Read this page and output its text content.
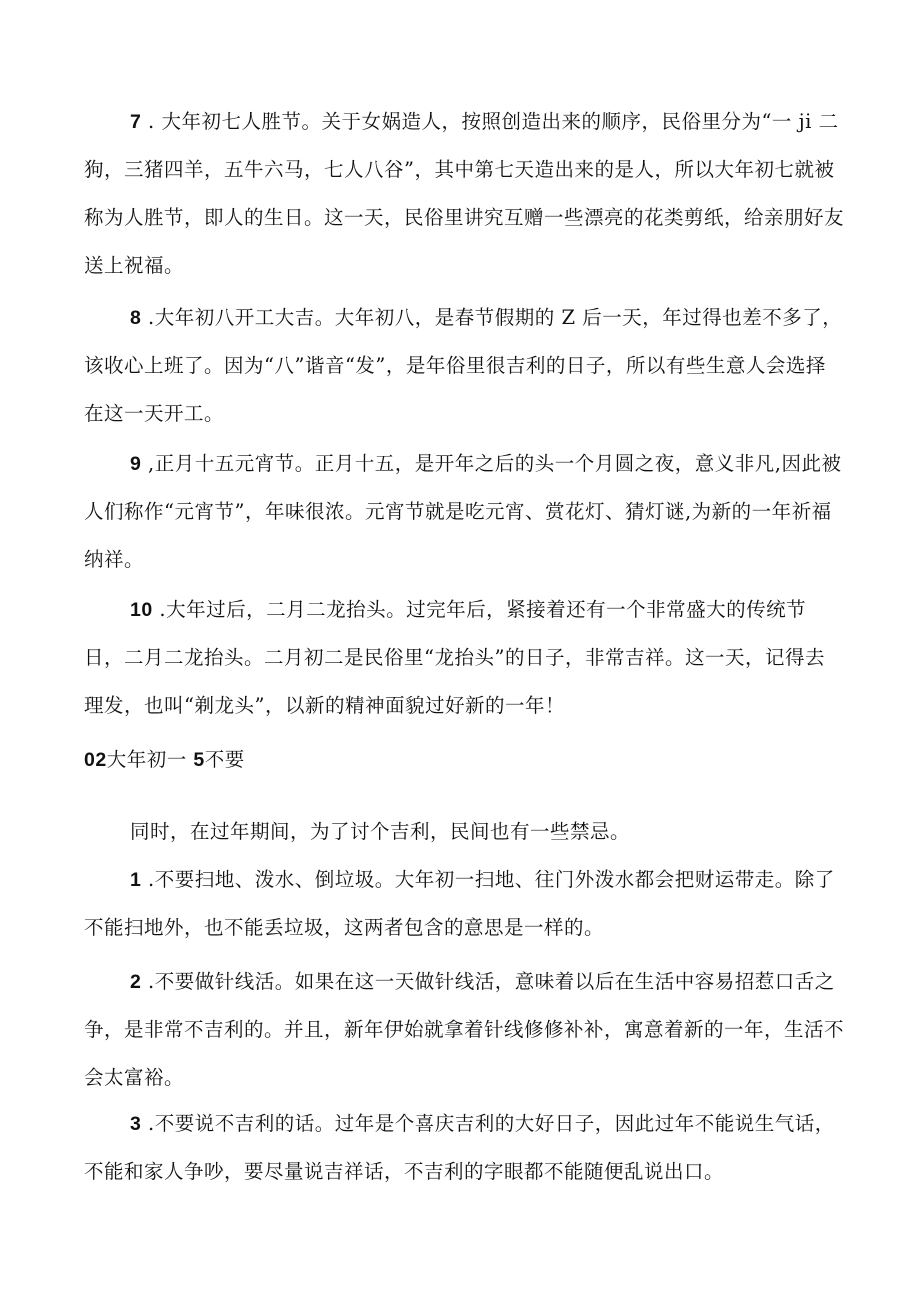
7 . 大年初七人胜节。关于女娲造人，按照创造出来的顺序，民俗里分为“一 ji 二狗，三猪四羊，五牛六马，七人八谷”，其中第七天造出来的是人，所以大年初七就被称为人胜节，即人的生日。这一天，民俗里讲究互赠一些漂亮的花类剪纸，给亲朋好友送上祝福。

8 .大年初八开工大吉。大年初八，是春节假期的 Z 后一天，年过得也差不多了，该收心上班了。因为“八”谐音“发”，是年俗里很吉利的日子，所以有些生意人会选择在这一天开工。

9 ,正月十五元宵节。正月十五，是开年之后的头一个月圆之夜，意义非凡,因此被人们称作“元宵节”，年味很浓。元宵节就是吃元宵、赏花灯、猜灯谜,为新的一年祈福纳祥。

10 .大年过后，二月二龙抬头。过完年后，紧接着还有一个非常盛大的传统节日，二月二龙抬头。二月初二是民俗里“龙抬头”的日子，非常吉祥。这一天，记得去理发，也叫“剃龙头”，以新的精神面貌过好新的一年！

02大年初一 5不要

同时，在过年期间，为了讨个吉利，民间也有一些禁忌。

1 .不要扫地、泼水、倒垃圾。大年初一扫地、往门外泼水都会把财运带走。除了不能扫地外，也不能丢垃圾，这两者包含的意思是一样的。

2 .不要做针线活。如果在这一天做针线活，意味着以后在生活中容易招惹口舌之争，是非常不吉利的。并且，新年伊始就拿着针线修修补补，寓意着新的一年，生活不会太富裕。

3 .不要说不吉利的话。过年是个喜庆吉利的大好日子，因此过年不能说生气话，不能和家人争吵，要尽量说吉祥话，不吉利的字眼都不能随便乱说出口。
